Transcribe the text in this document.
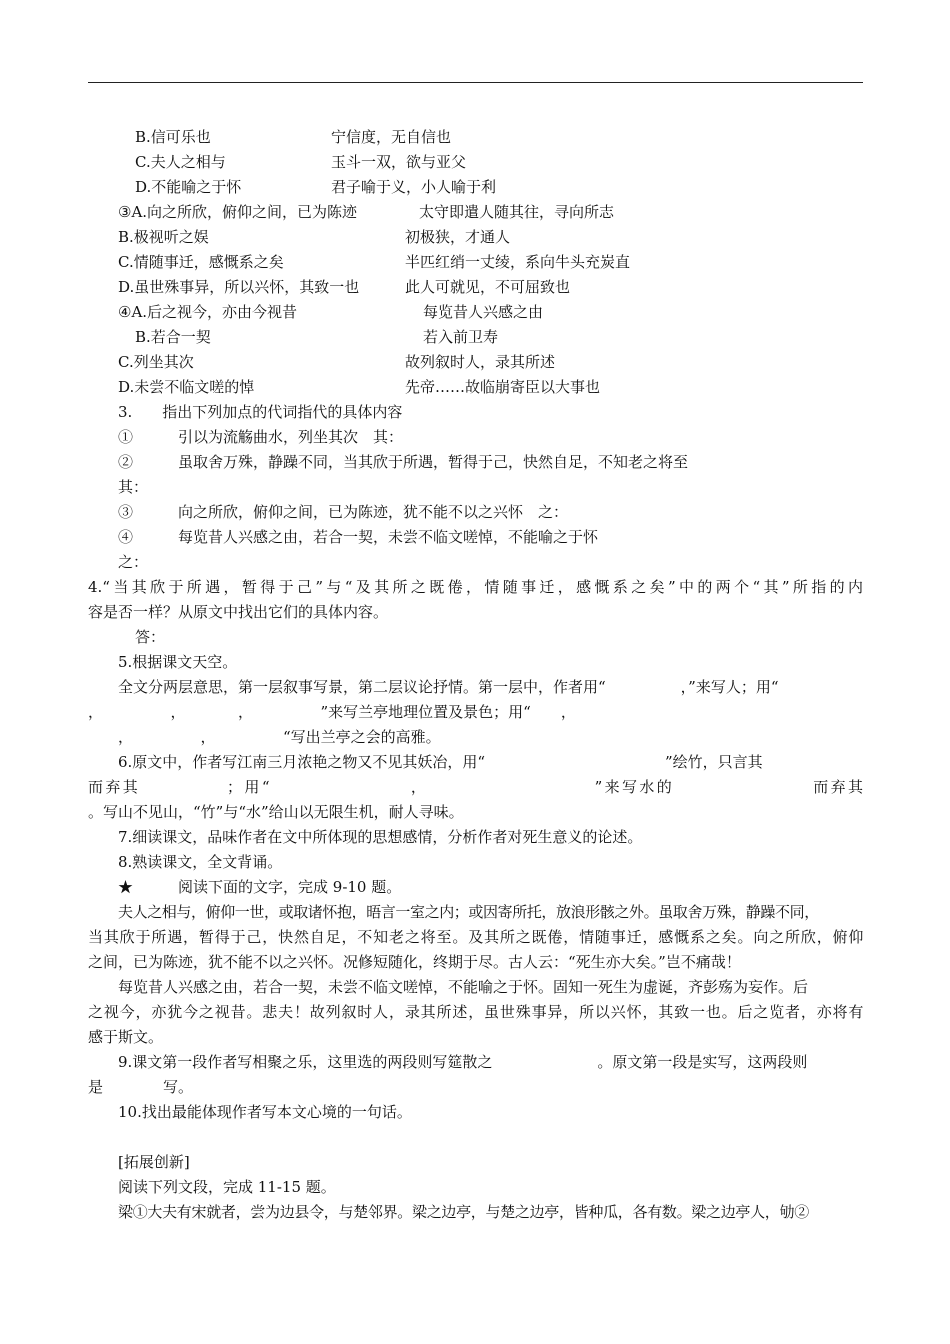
B.信可乐也	宁信度，无自信也
C.夫人之相与	玉斗一双，欲与亚父
D.不能喻之于怀	君子喻于义，小人喻于利
③A.向之所欣，俯仰之间，已为陈迹	太守即遣人随其往，寻向所志
B.极视听之娱	初极狭，才通人
C.情随事迁，感慨系之矣	半匹红绡一丈绫，系向牛头充炭直
D.虽世殊事异，所以兴怀，其致一也	此人可就见，不可屈致也
④A.后之视今，亦由今视昔	每览昔人兴感之由
B.若合一契	若入前卫寿
C.列坐其次	故列叙时人，录其所述
D.未尝不临文嗟的悼	先帝……故临崩寄臣以大事也
3.　　指出下列加点的代词指代的具体内容
①　　　引以为流觞曲水，列坐其次　其：
②　　　虽取舍万殊，静躁不同，当其欣于所遇，暂得于己，快然自足，不知老之将至
其：
③　　　向之所欣，俯仰之间，已为陈迹，犹不能不以之兴怀　之：
④　　　每览昔人兴感之由，若合一契，未尝不临文嗟悼，不能喻之于怀
之：
4.“当其欣于所遇，暂得于己”与“及其所之既倦，情随事迁，感慨系之矣”中的两个“其”所指的内
容是否一样？从原文中找出它们的具体内容。
答：
5.根据课文天空。
全文分两层意思，第一层叙事写景，第二层议论抒情。第一层中，作者用“　　　　　，”来写人；用“
，　　　　　，　　　　，　　　　　”来写兰亭地理位置及景色；用“　　，
，　　　　　，　　　　　“写出兰亭之会的高雅。
6.原文中，作者写江南三月浓艳之物又不见其妖冶，用“　　　　　　　　　　　　”绘竹，只言其
而弃其　　　　　；用“　　　　　　　　，　　　　　　　　　　”来写水的　　　　　　　　而弃其
。写山不见山，“竹”与“水”给山以无限生机，耐人寻味。
7.细读课文，品味作者在文中所体现的思想感情，分析作者对死生意义的论述。
8.熟读课文，全文背诵。
★　　　阅读下面的文字，完成 9-10 题。
夫人之相与，俯仰一世，或取诸怀抱，晤言一室之内；或因寄所托，放浪形骸之外。虽取舍万殊，静躁不同，
当其欣于所遇，暂得于己，快然自足，不知老之将至。及其所之既倦，情随事迁，感慨系之矣。向之所欣，俯仰
之间，已为陈迹，犹不能不以之兴怀。况修短随化，终期于尽。古人云：“死生亦大矣。”岂不痛哉！
每览昔人兴感之由，若合一契，未尝不临文嗟悼，不能喻之于怀。固知一死生为虚诞，齐彭殇为妄作。后
之视今，亦犹今之视昔。悲夫！故列叙时人，录其所述，虽世殊事异，所以兴怀，其致一也。后之览者，亦将有
感于斯文。
9.课文第一段作者写相聚之乐，这里选的两段则写筵散之　　　　　　　。原文第一段是实写，这两段则
是　　　　写。
10.找出最能体现作者写本文心境的一句话。
[拓展创新]
阅读下列文段，完成 11-15 题。
梁①大夫有宋就者，尝为边县令，与楚邻界。梁之边亭，与楚之边亭，皆种瓜，各有数。梁之边亭人，劬②
